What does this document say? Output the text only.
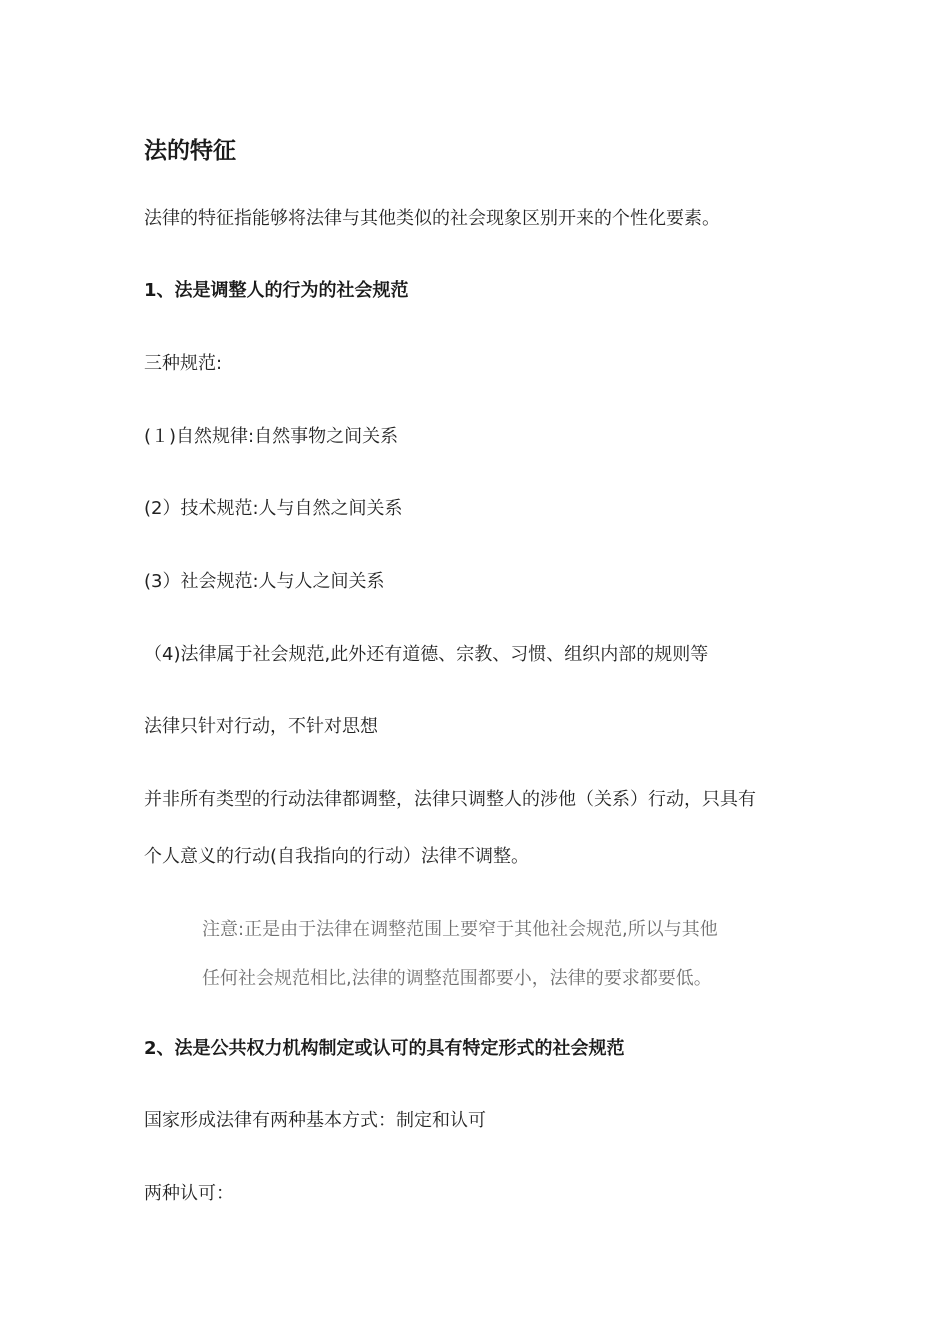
法的特征

法律的特征指能够将法律与其他类似的社会现象区别开来的个性化要素。

1、法是调整人的行为的社会规范

三种规范:

(１)自然规律:自然事物之间关系

(2）技术规范:人与自然之间关系

(3）社会规范:人与人之间关系

（4)法律属于社会规范,此外还有道德、宗教、习惯、组织内部的规则等

法律只针对行动，不针对思想

并非所有类型的行动法律都调整，法律只调整人的涉他（关系）行动，只具有

个人意义的行动(自我指向的行动）法律不调整。

注意:正是由于法律在调整范围上要窄于其他社会规范,所以与其他

任何社会规范相比,法律的调整范围都要小，法律的要求都要低。

2、法是公共权力机构制定或认可的具有特定形式的社会规范

国家形成法律有两种基本方式：制定和认可

两种认可：
